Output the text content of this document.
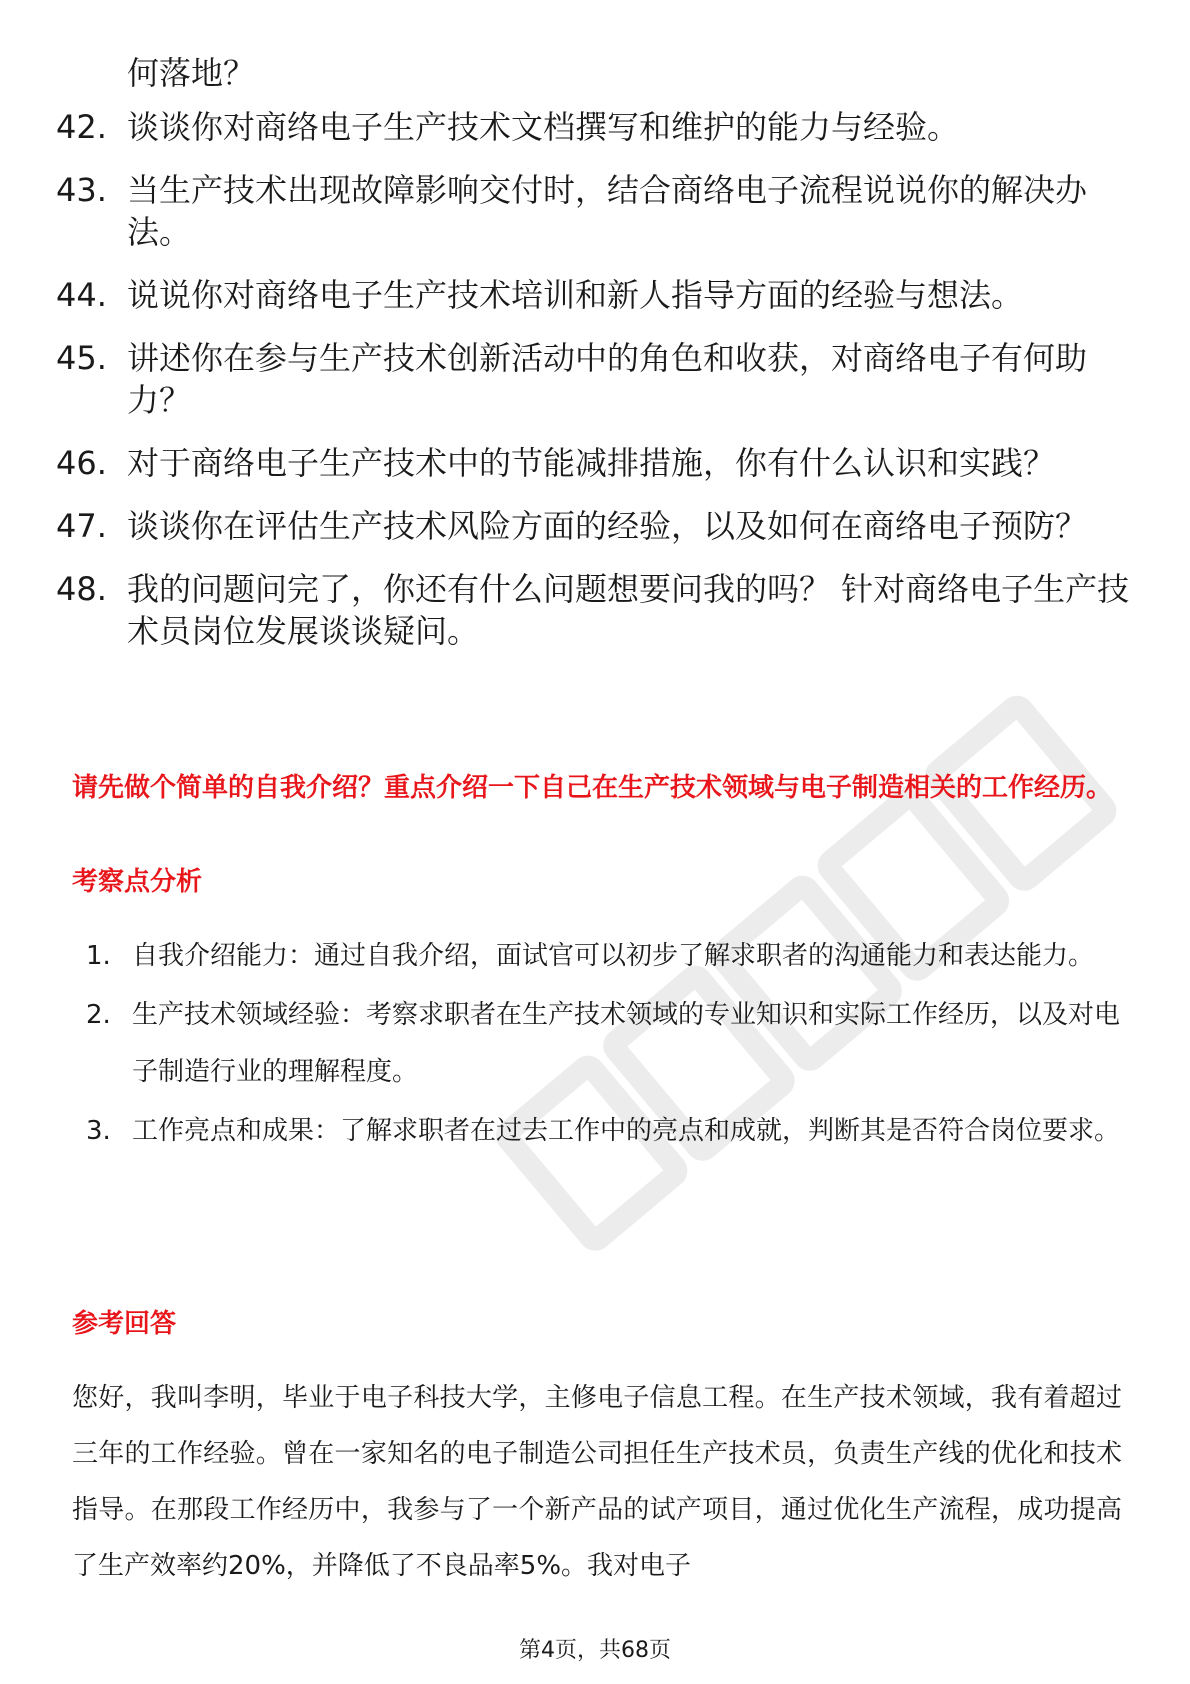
何落地？
42. 谈谈你对商络电子生产技术文档撰写和维护的能力与经验。
43. 当生产技术出现故障影响交付时，结合商络电子流程说说你的解决办法。
44. 说说你对商络电子生产技术培训和新人指导方面的经验与想法。
45. 讲述你在参与生产技术创新活动中的角色和收获，对商络电子有何助力？
46. 对于商络电子生产技术中的节能减排措施，你有什么认识和实践？
47. 谈谈你在评估生产技术风险方面的经验，以及如何在商络电子预防？
48. 我的问题问完了，你还有什么问题想要问我的吗？ 针对商络电子生产技术员岗位发展谈谈疑问。
请先做个简单的自我介绍？重点介绍一下自己在生产技术领域与电子制造相关的工作经历。
考察点分析
1. 自我介绍能力：通过自我介绍，面试官可以初步了解求职者的沟通能力和表达能力。
2. 生产技术领域经验：考察求职者在生产技术领域的专业知识和实际工作经历，以及对电子制造行业的理解程度。
3. 工作亮点和成果：了解求职者在过去工作中的亮点和成就，判断其是否符合岗位要求。
参考回答
您好，我叫李明，毕业于电子科技大学，主修电子信息工程。在生产技术领域，我有着超过三年的工作经验。曾在一家知名的电子制造公司担任生产技术员，负责生产线的优化和技术指导。在那段工作经历中，我参与了一个新产品的试产项目，通过优化生产流程，成功提高了生产效率约20%，并降低了不良品率5%。我对电子
第4页，共68页
